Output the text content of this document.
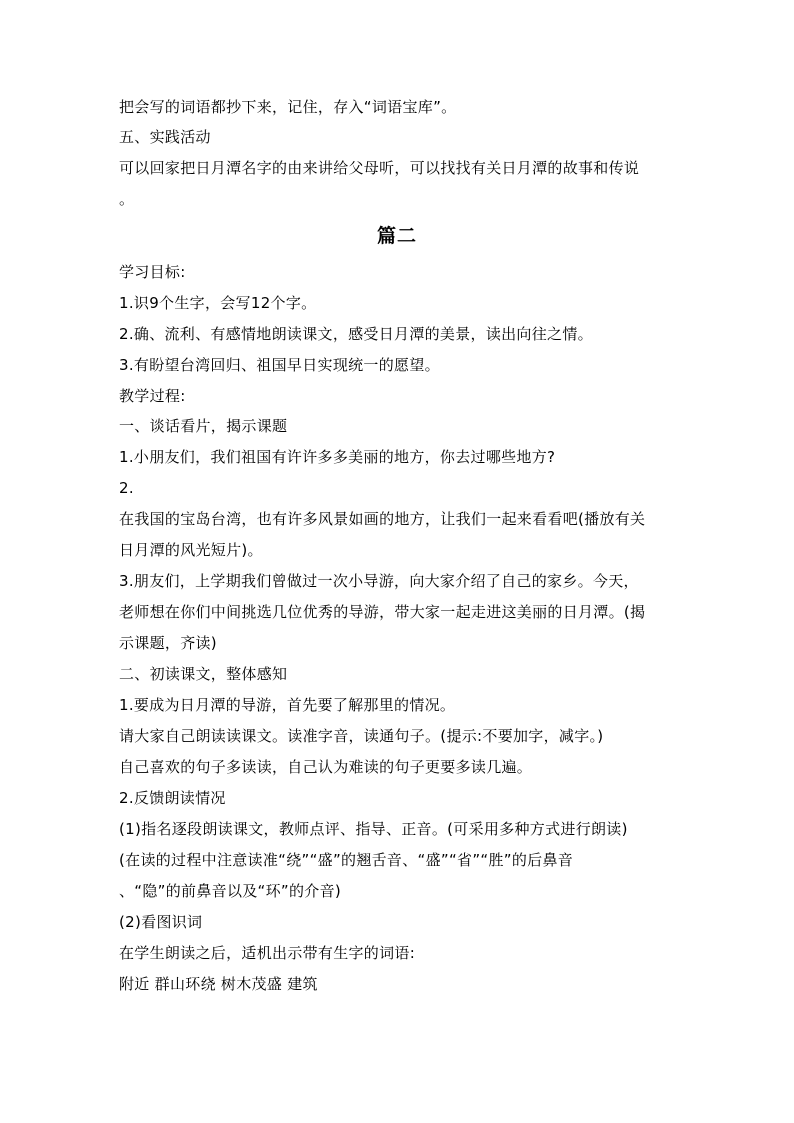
把会写的词语都抄下来，记住，存入“词语宝库”。
五、实践活动
可以回家把日月潭名字的由来讲给父母听，可以找找有关日月潭的故事和传说
。
篇二
学习目标:
1.识9个生字，会写12个字。
2.确、流利、有感情地朗读课文，感受日月潭的美景，读出向往之情。
3.有盼望台湾回归、祖国早日实现统一的愿望。
教学过程:
一、谈话看片，揭示课题
1.小朋友们，我们祖国有许许多多美丽的地方，你去过哪些地方?
2.
在我国的宝岛台湾，也有许多风景如画的地方，让我们一起来看看吧(播放有关
日月潭的风光短片)。
3.朋友们，上学期我们曾做过一次小导游，向大家介绍了自己的家乡。今天，
老师想在你们中间挑选几位优秀的导游，带大家一起走进这美丽的日月潭。(揭
示课题，齐读)
二、初读课文，整体感知
1.要成为日月潭的导游，首先要了解那里的情况。
请大家自己朗读读课文。读准字音，读通句子。(提示:不要加字，减字。)
自己喜欢的句子多读读，自己认为难读的句子更要多读几遍。
2.反馈朗读情况
(1)指名逐段朗读课文，教师点评、指导、正音。(可采用多种方式进行朗读)
(在读的过程中注意读准“绕”“盛”的翘舌音、“盛”“省”“胜”的后鼻音
、“隐”的前鼻音以及“环”的介音)
(2)看图识词
在学生朗读之后，适机出示带有生字的词语:
附近 群山环绕 树木茂盛 建筑
